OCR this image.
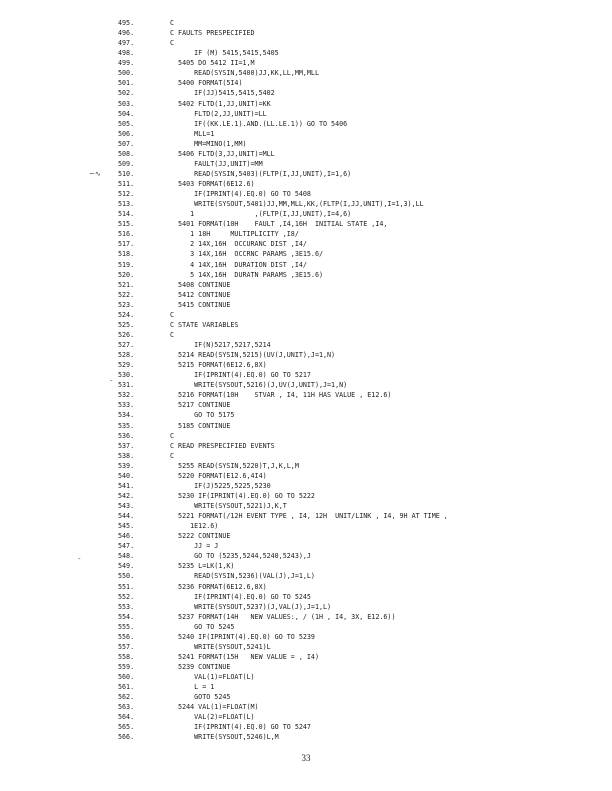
495.	C
496.	C FAULTS PRESPECIFIED
497.	C
498.	IF (M) 5415,5415,5405
499.	5405 DO 5412 II=1,M
500.	READ(SYSIN,5400)JJ,KK,LL,MM,MLL
501.	5400 FORMAT(5I4)
502.	IF(JJ)5415,5415,5402
503.	5402 FLTD(1,JJ,UNIT)=KK
504.	FLTD(2,JJ,UNIT)=LL
505.	IF((KK.LE.1).AND.(LL.LE.1)) GO TO 5406
506.	MLL=1
507.	MM=MINO(1,MM)
508.	5406 FLTD(3,JJ,UNIT)=MLL
509.	FAULT(JJ,UNIT)=MM
510.	READ(SYSIN,5403)(FLTP(I,JJ,UNIT),I=1,6)
511.	5403 FORMAT(6E12.6)
512.	IF(IPRINT(4).EQ.0) GO TO 5408
513.	WRITE(SYSOUT,5401)JJ,MM,MLL,KK,(FLTP(I,JJ,UNIT),I=1,3),LL
514.	1               ,(FLTP(I,JJ,UNIT),I=4,6)
515.	5401 FORMAT(10H    FAULT ,I4,16H  INITIAL STATE ,I4,
516.	1 18H     MULTIPLICITY ,I8/
517.	2 14X,16H  OCCURANC DIST ,I4/
518.	3 14X,16H  OCCRNC PARAMS ,3E15.6/
519.	4 14X,16H  DURATION DIST ,I4/
520.	5 14X,16H  DURATN PARAMS ,3E15.6)
521.	5408 CONTINUE
522.	5412 CONTINUE
523.	5415 CONTINUE
524.	C
525.	C STATE VARIABLES
526.	C
527.	IF(N)5217,5217,5214
528.	5214 READ(SYSIN,5215)(UV(J,UNIT),J=1,N)
529.	5215 FORMAT(6E12.6,8X)
530.	IF(IPRINT(4).EQ.0) GO TO 5217
531.	WRITE(SYSOUT,5216)(J,UV(J,UNIT),J=1,N)
532.	5216 FORMAT(10H    STVAR , I4, 11H HAS VALUE , E12.6)
533.	5217 CONTINUE
534.	GO TO 5175
535.	5185 CONTINUE
536.	C
537.	C READ PRESPECIFIED EVENTS
538.	C
539.	5255 READ(SYSIN,5220)T,J,K,L,M
540.	5220 FORMAT(E12.6,4I4)
541.	IF(J)5225,5225,5230
542.	5230 IF(IPRINT(4).EQ.0) GO TO 5222
543.	WRITE(SYSOUT,5221)J,K,T
544.	5221 FORMAT(/12H EVENT TYPE , I4, 12H  UNIT/LINK , I4, 9H AT TIME ,
545.	1E12.6)
546.	5222 CONTINUE
547.	JJ = J
548.	GO TO (5235,5244,5240,5243),J
549.	5235 L=LK(1,K)
550.	READ(SYSIN,5236)(VAL(J),J=1,L)
551.	5236 FORMAT(6E12.6,8X)
552.	IF(IPRINT(4).EQ.0) GO TO 5245
553.	WRITE(SYSOUT,5237)(J,VAL(J),J=1,L)
554.	5237 FORMAT(14H   NEW VALUES:, / (1H , I4, 3X, E12.6))
555.	GO TO 5245
556.	5240 IF(IPRINT(4).EQ.0) GO TO 5239
557.	WRITE(SYSOUT,5241)L
558.	5241 FORMAT(15H   NEW VALUE = , I4)
559.	5239 CONTINUE
560.	VAL(1)=FLOAT(L)
561.	L = 1
562.	GOTO 5245
563.	5244 VAL(1)=FLOAT(M)
564.	VAL(2)=FLOAT(L)
565.	IF(IPRINT(4).EQ.0) GO TO 5247
566.	WRITE(SYSOUT,5246)L,M
~∿
-
-
33
